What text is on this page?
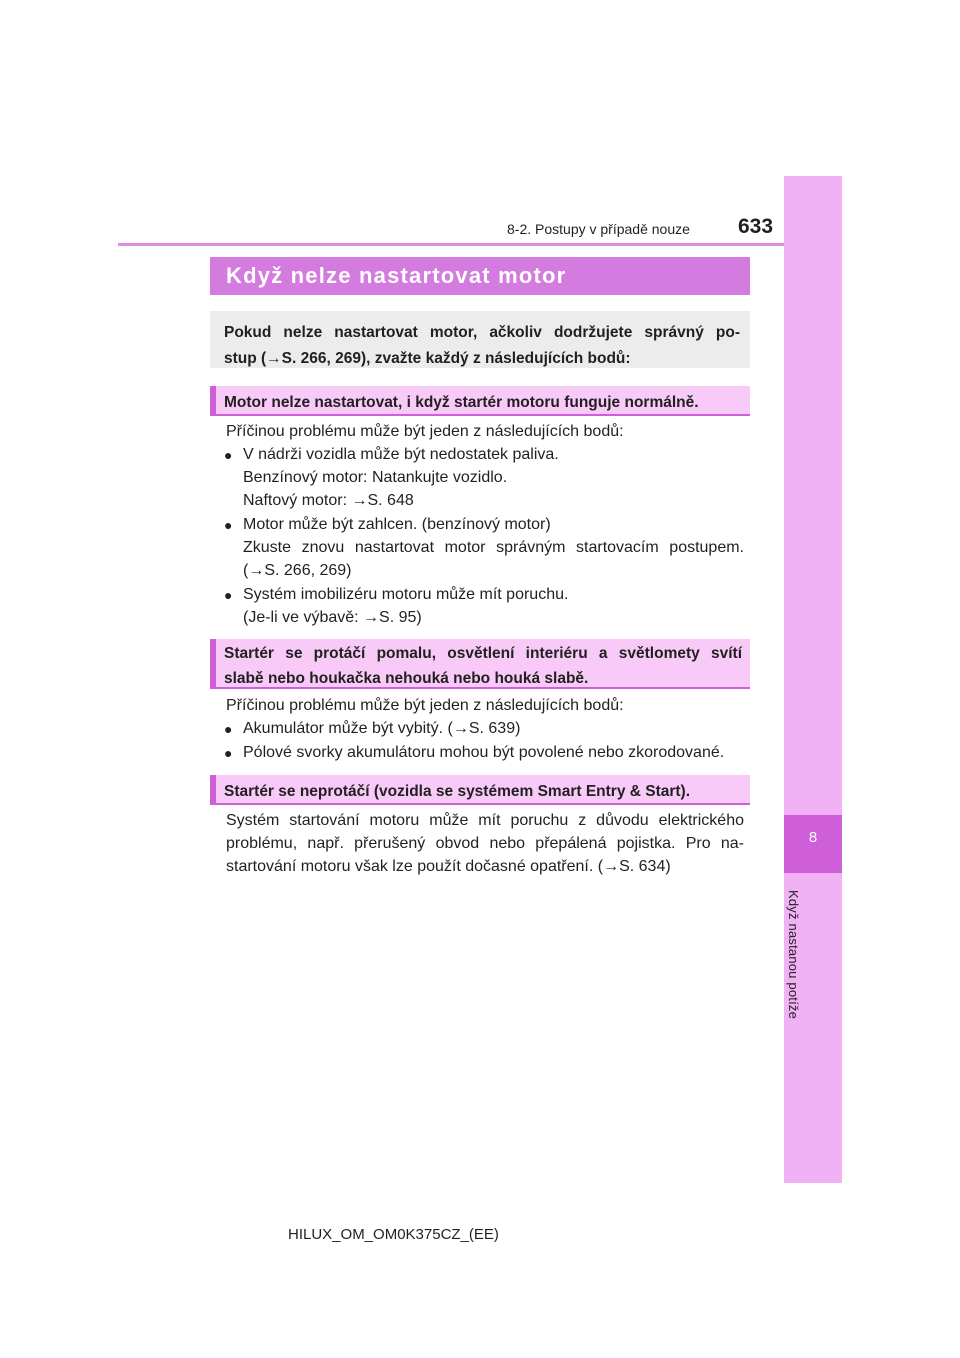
8-2. Postupy v případě nouze 633
8
Když nastanou potíže
Když nelze nastartovat motor
Pokud nelze nastartovat motor, ačkoliv dodržujete správný po-
stup (→S. 266, 269), zvažte každý z následujících bodů:
Motor nelze nastartovat, i když startér motoru funguje normálně.
Příčinou problému může být jeden z následujících bodů:
● V nádrži vozidla může být nedostatek paliva.
Benzínový motor: Natankujte vozidlo.
Naftový motor: →S. 648
● Motor může být zahlcen. (benzínový motor)
Zkuste znovu nastartovat motor správným startovacím postupem.
(→S. 266, 269)
● Systém imobilizéru motoru může mít poruchu.
(Je-li ve výbavě: →S. 95)
Startér se protáčí pomalu, osvětlení interiéru a světlomety svítí
slabě nebo houkačka nehouká nebo houká slabě.
Příčinou problému může být jeden z následujících bodů:
● Akumulátor může být vybitý. (→S. 639)
● Pólové svorky akumulátoru mohou být povolené nebo zkorodované.
Startér se neprotáčí (vozidla se systémem Smart Entry & Start).
Systém startování motoru může mít poruchu z důvodu elektrického
problému, např. přerušený obvod nebo přepálená pojistka. Pro na-
startování motoru však lze použít dočasné opatření. (→S. 634)
HILUX_OM_OM0K375CZ_(EE)
